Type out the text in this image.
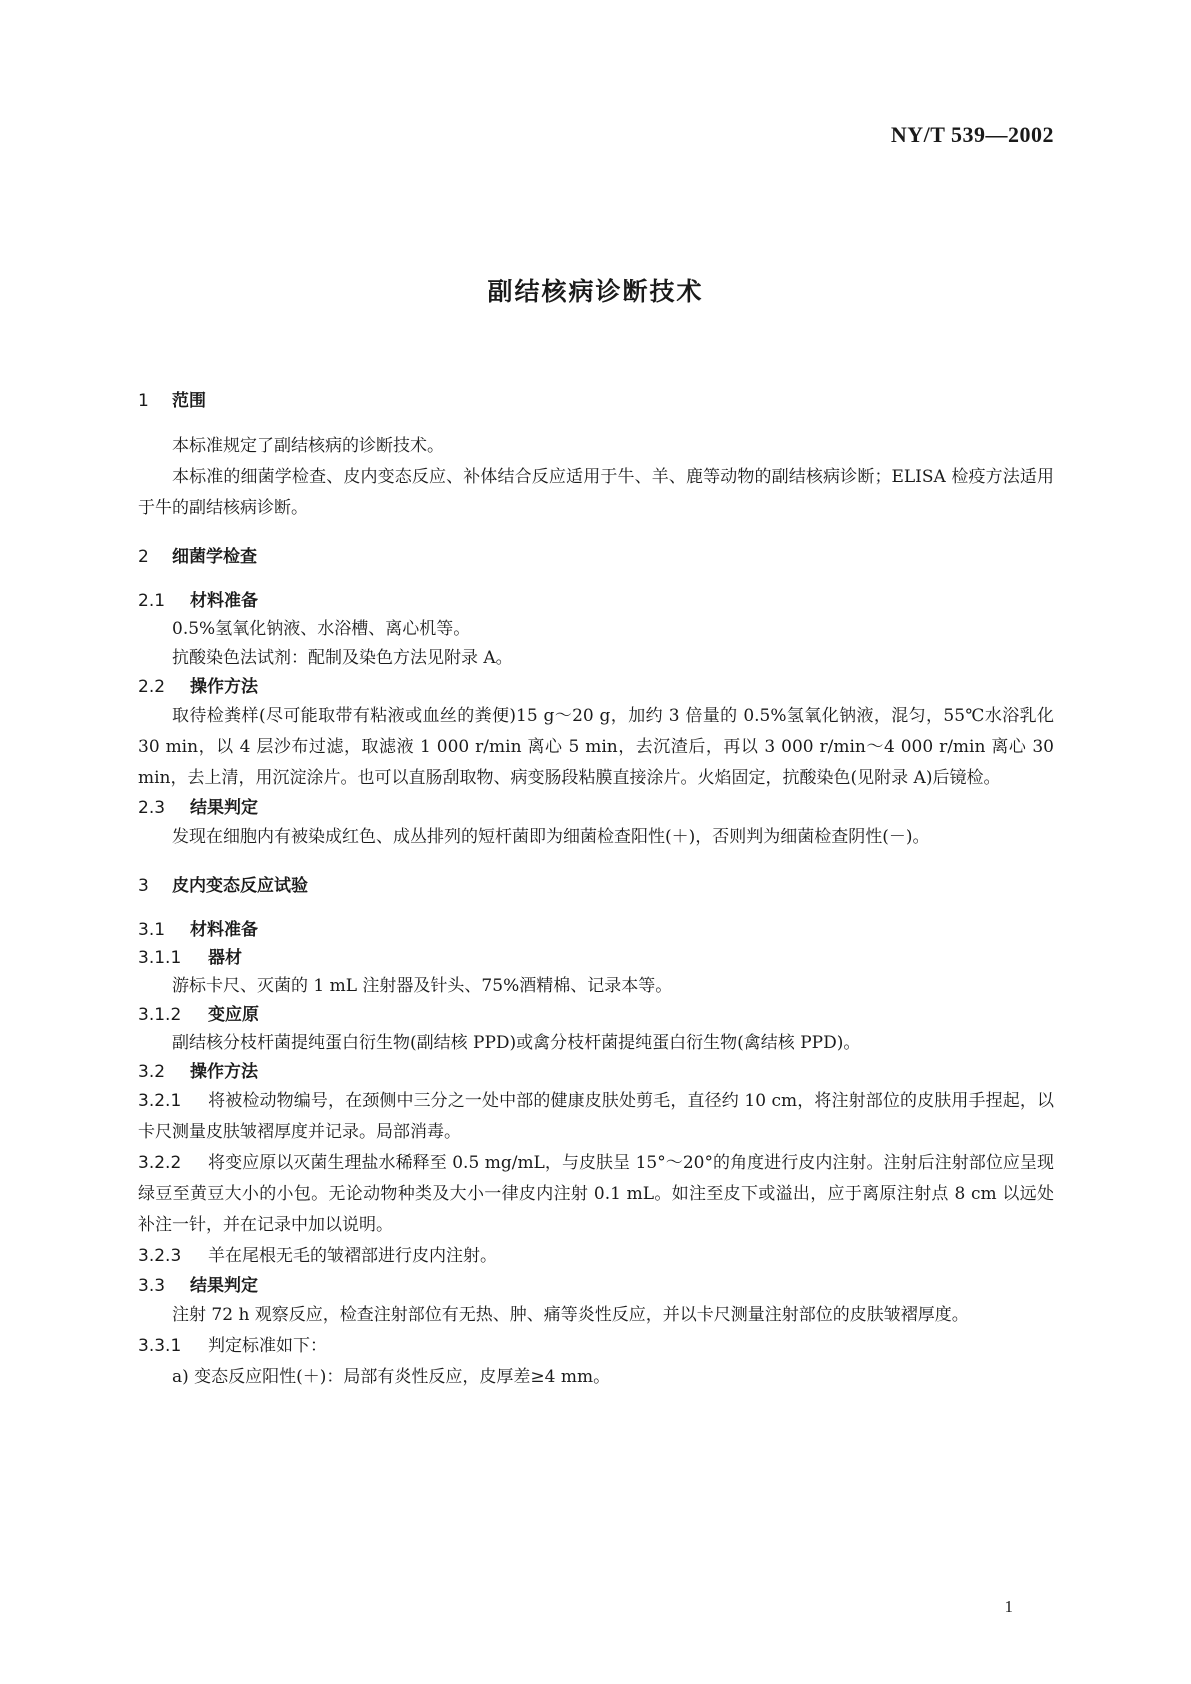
NY/T 539—2002
副结核病诊断技术
1 范围

本标准规定了副结核病的诊断技术。

本标准的细菌学检查、皮内变态反应、补体结合反应适用于牛、羊、鹿等动物的副结核病诊断；ELISA 检疫方法适用于牛的副结核病诊断。

2 细菌学检查
2.1 材料准备

0.5%氢氧化钠液、水浴槽、离心机等。

抗酸染色法试剂：配制及染色方法见附录 A。

2.2 操作方法

取待检粪样(尽可能取带有粘液或血丝的粪便)15 g～20 g，加约 3 倍量的 0.5%氢氧化钠液，混匀，55℃水浴乳化 30 min，以 4 层沙布过滤，取滤液 1 000 r/min 离心 5 min，去沉渣后，再以 3 000 r/min～4 000 r/min 离心 30 min，去上清，用沉淀涂片。也可以直肠刮取物、病变肠段粘膜直接涂片。火焰固定，抗酸染色(见附录 A)后镜检。

2.3 结果判定

发现在细胞内有被染成红色、成丛排列的短杆菌即为细菌检查阳性(＋)，否则判为细菌检查阴性(－)。

3 皮内变态反应试验
3.1 材料准备
3.1.1 器材

游标卡尺、灭菌的 1 mL 注射器及针头、75%酒精棉、记录本等。

3.1.2 变应原

副结核分枝杆菌提纯蛋白衍生物(副结核 PPD)或禽分枝杆菌提纯蛋白衍生物(禽结核 PPD)。

3.2 操作方法

3.2.1 将被检动物编号，在颈侧中三分之一处中部的健康皮肤处剪毛，直径约 10 cm，将注射部位的皮肤用手捏起，以卡尺测量皮肤皱褶厚度并记录。局部消毒。

3.2.2 将变应原以灭菌生理盐水稀释至 0.5 mg/mL，与皮肤呈 15°～20°的角度进行皮内注射。注射后注射部位应呈现绿豆至黄豆大小的小包。无论动物种类及大小一律皮内注射 0.1 mL。如注至皮下或溢出，应于离原注射点 8 cm 以远处补注一针，并在记录中加以说明。

3.2.3 羊在尾根无毛的皱褶部进行皮内注射。

3.3 结果判定

注射 72 h 观察反应，检查注射部位有无热、肿、痛等炎性反应，并以卡尺测量注射部位的皮肤皱褶厚度。

3.3.1 判定标准如下：

a) 变态反应阳性(＋)：局部有炎性反应，皮厚差≥4 mm。

1
